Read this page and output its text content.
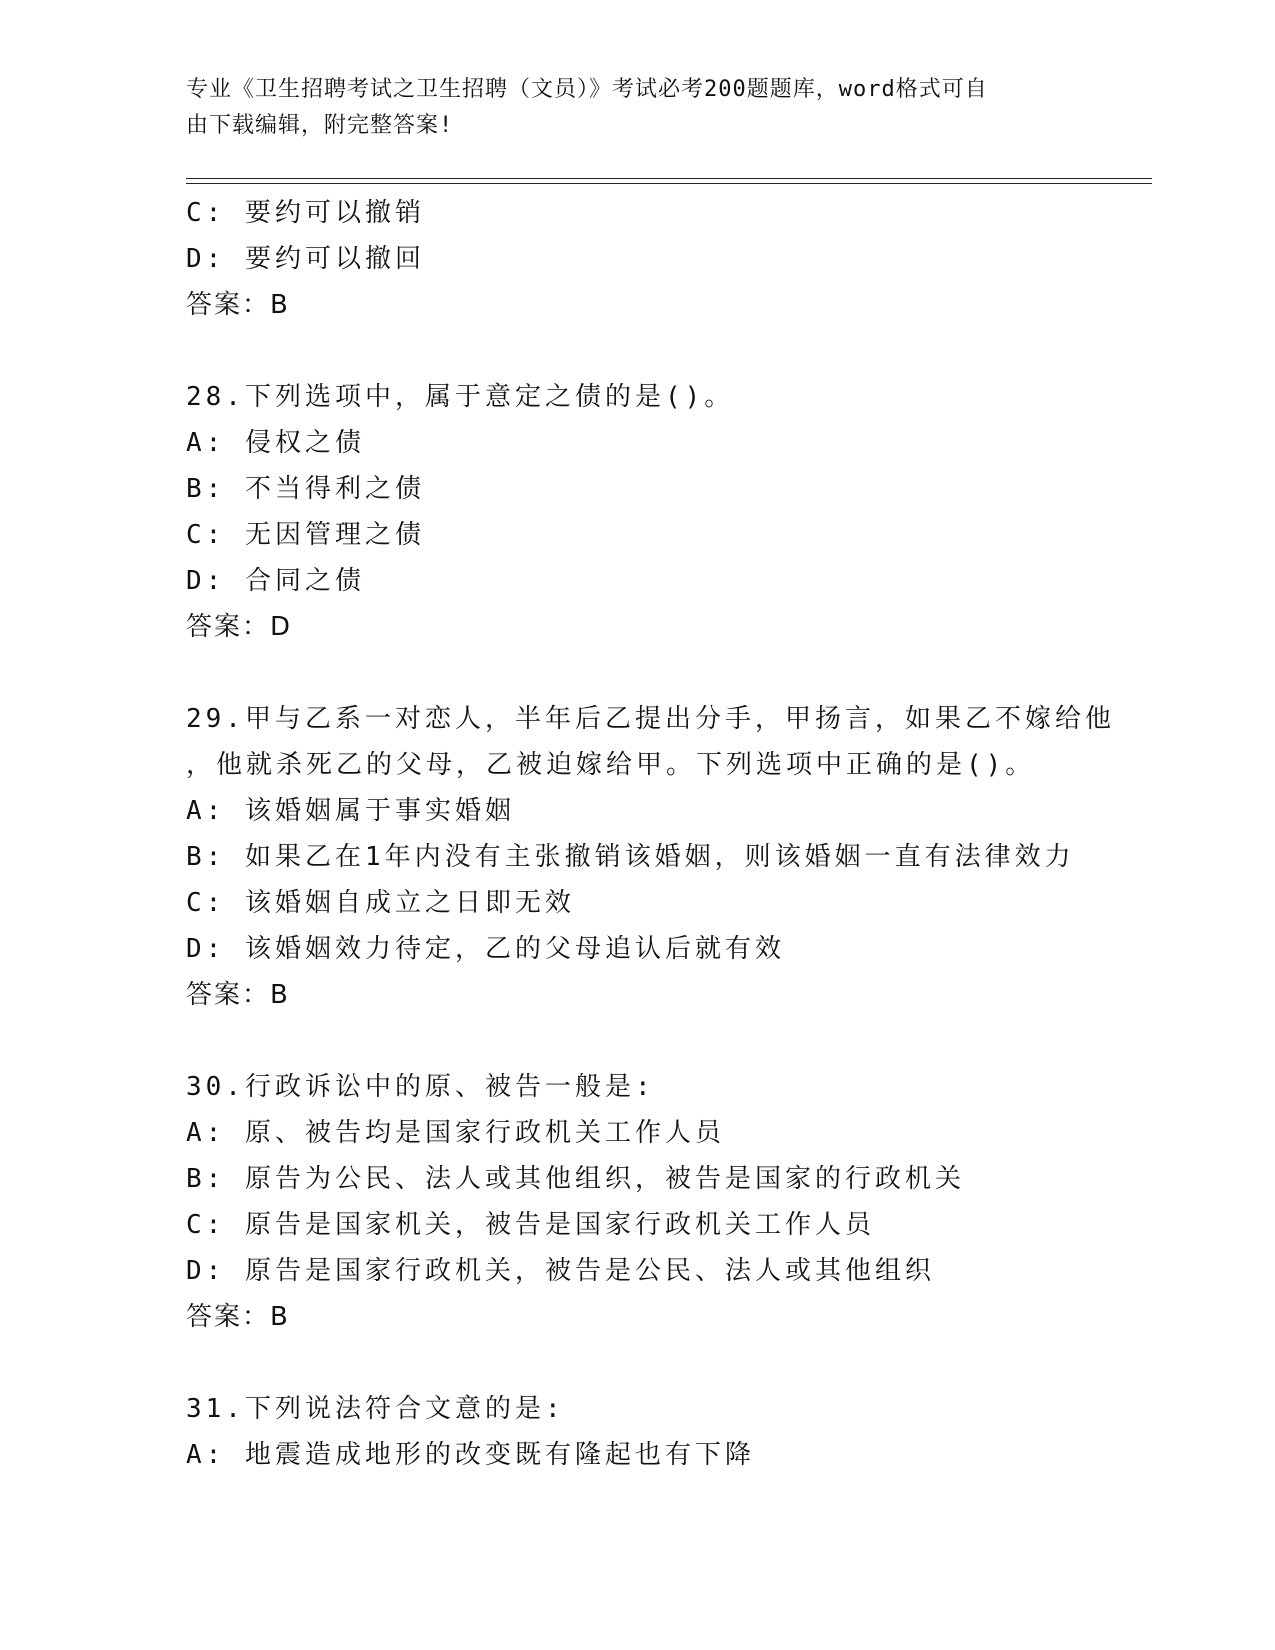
专业《卫生招聘考试之卫生招聘（文员）》考试必考200题题库，word格式可自
由下载编辑，附完整答案!
C: 要约可以撤销
D: 要约可以撤回
答案：B
28.下列选项中，属于意定之债的是()。
A: 侵权之债
B: 不当得利之债
C: 无因管理之债
D: 合同之债
答案：D
29.甲与乙系一对恋人，半年后乙提出分手，甲扬言，如果乙不嫁给他
，他就杀死乙的父母，乙被迫嫁给甲。下列选项中正确的是()。
A: 该婚姻属于事实婚姻
B: 如果乙在1年内没有主张撤销该婚姻，则该婚姻一直有法律效力
C: 该婚姻自成立之日即无效
D: 该婚姻效力待定，乙的父母追认后就有效
答案：B
30.行政诉讼中的原、被告一般是:
A: 原、被告均是国家行政机关工作人员
B: 原告为公民、法人或其他组织，被告是国家的行政机关
C: 原告是国家机关，被告是国家行政机关工作人员
D: 原告是国家行政机关，被告是公民、法人或其他组织
答案：B
31.下列说法符合文意的是:
A: 地震造成地形的改变既有隆起也有下降
